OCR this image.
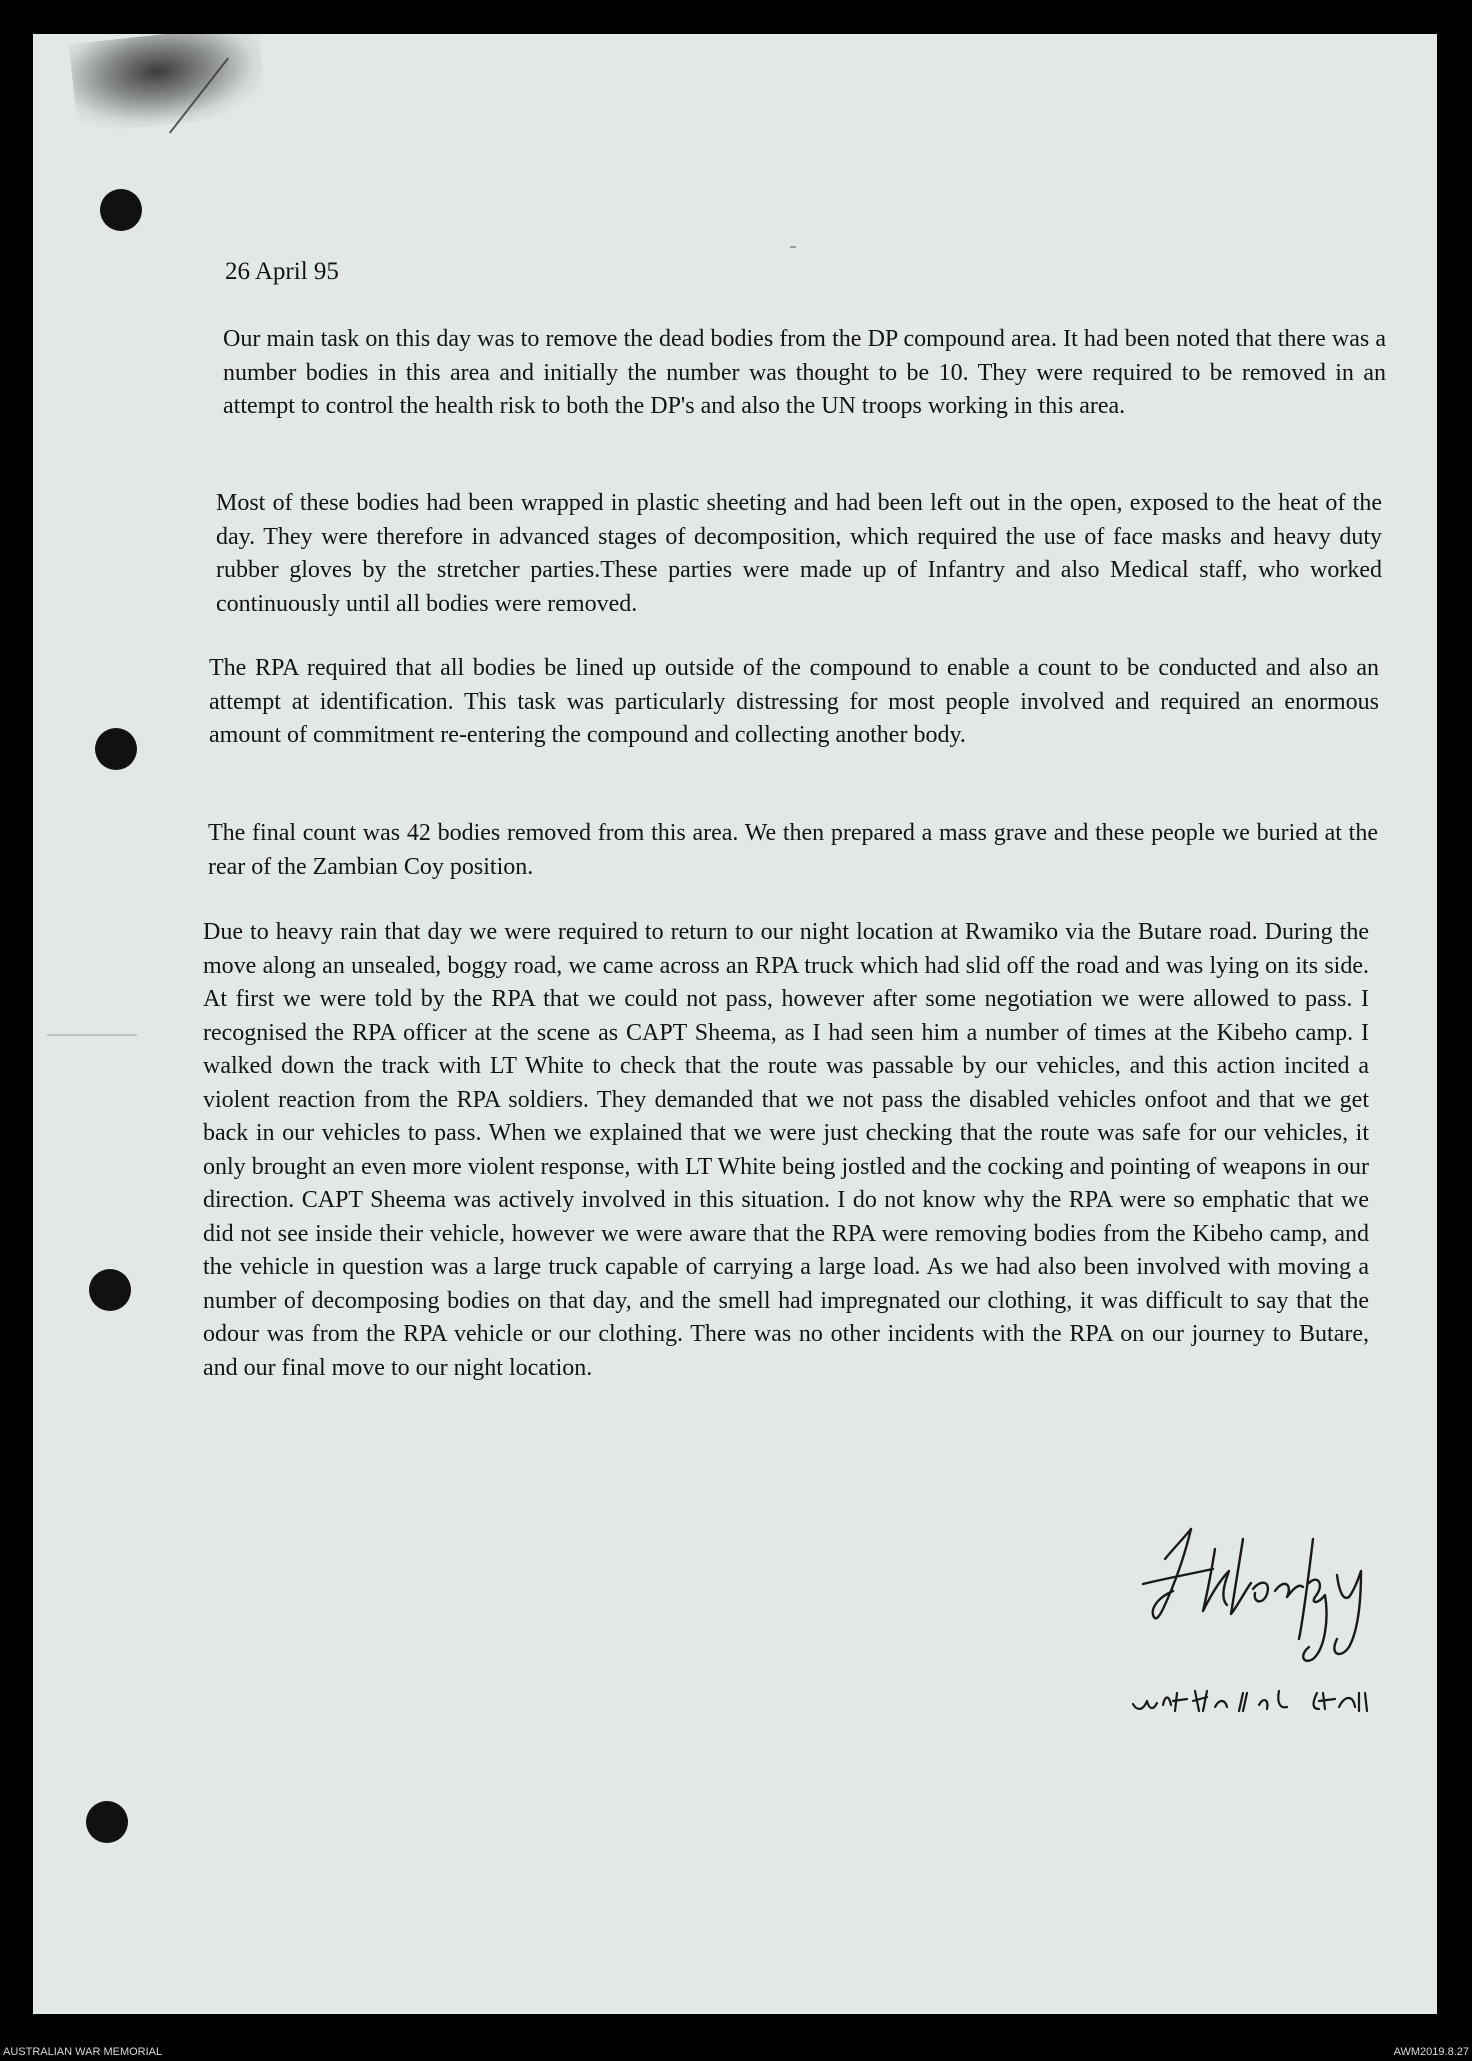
26 April 95
Our main task on this day was to remove the dead bodies from the DP compound area. It had been noted that there was a number bodies in this area and initially the number was thought to be 10. They were required to be removed in an attempt to control the health risk to both the DP's and also the UN troops working in this area.
Most of these bodies had been wrapped in plastic sheeting and had been left out in the open, exposed to the heat of the day. They were therefore in advanced stages of decomposition, which required the use of face masks and heavy duty rubber gloves by the stretcher parties.These parties were made up of Infantry and also Medical staff, who worked continuously until all bodies were removed.
The RPA required that all bodies be lined up outside of the compound to enable a count to be conducted and also an attempt at identification. This task was particularly distressing for most people involved and required an enormous amount of commitment re-entering the compound and collecting another body.
The final count was 42 bodies removed from this area. We then prepared a mass grave and these people we buried at the rear of the Zambian Coy position.
Due to heavy rain that day we were required to return to our night location at Rwamiko via the Butare road. During the move along an unsealed, boggy road, we came across an RPA truck which had slid off the road and was lying on its side. At first we were told by the RPA that we could not pass, however after some negotiation we were allowed to pass. I recognised the RPA officer at the scene as CAPT Sheema, as I had seen him a number of times at the Kibeho camp. I walked down the track with LT White to check that the route was passable by our vehicles, and this action incited a violent reaction from the RPA soldiers. They demanded that we not pass the disabled vehicles onfoot and that we get back in our vehicles to pass. When we explained that we were just checking that the route was safe for our vehicles, it only brought an even more violent response, with LT White being jostled and the cocking and pointing of weapons in our direction. CAPT Sheema was actively involved in this situation. I do not know why the RPA were so emphatic that we did not see inside their vehicle, however we were aware that the RPA were removing bodies from the Kibeho camp, and the vehicle in question was a large truck capable of carrying a large load. As we had also been involved with moving a number of decomposing bodies on that day, and the smell had impregnated our clothing, it was difficult to say that the odour was from the RPA vehicle or our clothing. There was no other incidents with the RPA on our journey to Butare, and our final move to our night location.
AUSTRALIAN WAR MEMORIAL	AWM2019.8.27
